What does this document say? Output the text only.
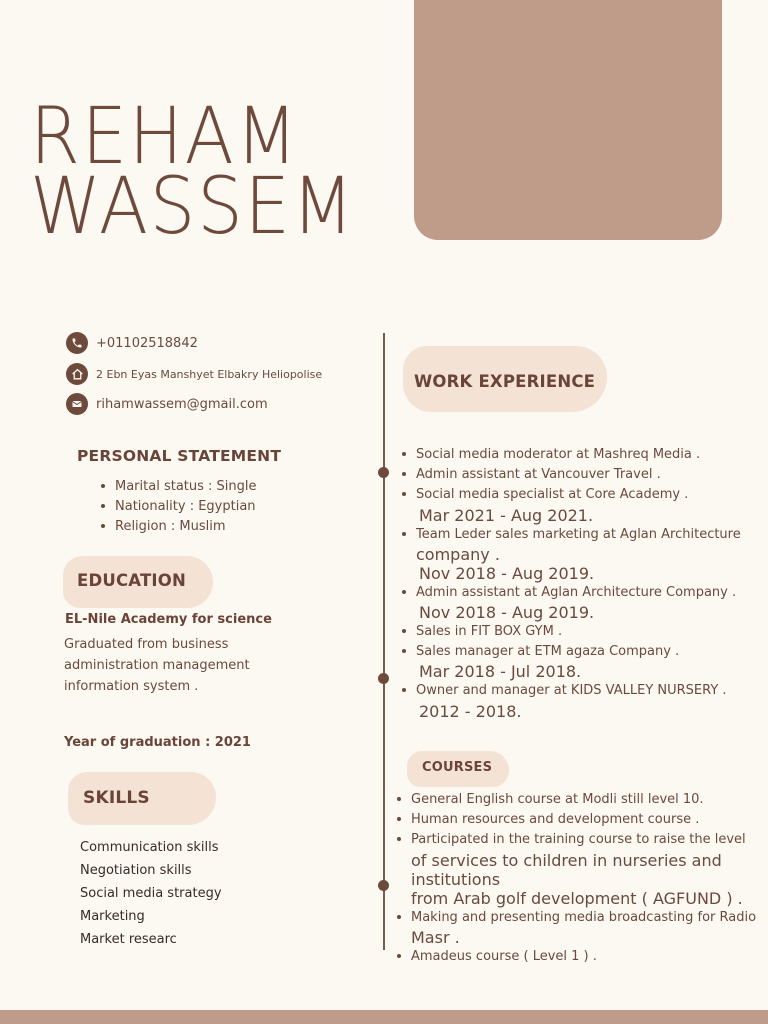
REHAM
WASSEM
+01102518842
2 Ebn Eyas Manshyet Elbakry Heliopolise
rihamwassem@gmail.com
PERSONAL STATEMENT
Marital status : Single
Nationality : Egyptian
Religion : Muslim
EDUCATION
EL-Nile Academy for science
Graduated from business
administration management
information system .
Year of graduation : 2021
SKILLS
Communication skills
Negotiation skills
Social media strategy
Marketing
Market researc
WORK EXPERIENCE
Social media moderator at Mashreq Media .
Admin assistant at Vancouver Travel .
Social media specialist at Core Academy .
Mar 2021 - Aug 2021.
Team Leder sales marketing at Aglan Architecture
company .
Nov 2018 - Aug 2019.
Admin assistant at Aglan Architecture Company .
Nov 2018 - Aug 2019.
Sales in FIT BOX GYM .
Sales manager at ETM agaza Company .
Mar 2018 - Jul 2018.
Owner and manager at KIDS VALLEY NURSERY .
2012 - 2018.
COURSES
General English course at Modli still level 10.
Human resources and development course .
Participated in the training course to raise the level
of services to children in nurseries and institutions
from Arab golf development ( AGFUND ) .
Making and presenting media broadcasting for Radio
Masr .
Amadeus course ( Level 1 ) .
